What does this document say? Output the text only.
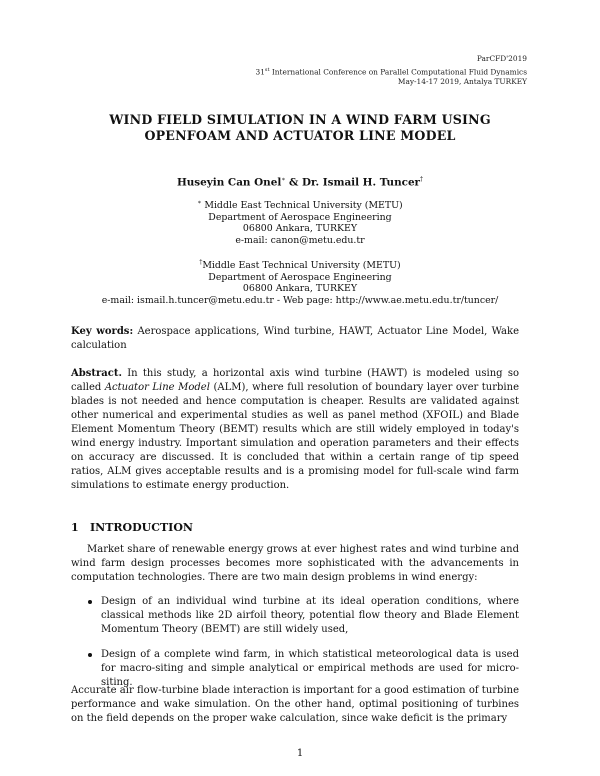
ParCFD'2019
31st International Conference on Parallel Computational Fluid Dynamics
May-14-17 2019, Antalya TURKEY
WIND FIELD SIMULATION IN A WIND FARM USING
OPENFOAM AND ACTUATOR LINE MODEL
Huseyin Can Onel∗ & Dr. Ismail H. Tuncer†
∗ Middle East Technical University (METU)
Department of Aerospace Engineering
06800 Ankara, TURKEY
e-mail: canon@metu.edu.tr
†Middle East Technical University (METU)
Department of Aerospace Engineering
06800 Ankara, TURKEY
e-mail: ismail.h.tuncer@metu.edu.tr - Web page: http://www.ae.metu.edu.tr/tuncer/
Key words: Aerospace applications, Wind turbine, HAWT, Actuator Line Model, Wake calculation
Abstract. In this study, a horizontal axis wind turbine (HAWT) is modeled using so called Actuator Line Model (ALM), where full resolution of boundary layer over turbine blades is not needed and hence computation is cheaper. Results are validated against other numerical and experimental studies as well as panel method (XFOIL) and Blade Element Momentum Theory (BEMT) results which are still widely employed in today's wind energy industry. Important simulation and operation parameters and their effects on accuracy are discussed. It is concluded that within a certain range of tip speed ratios, ALM gives acceptable results and is a promising model for full-scale wind farm simulations to estimate energy production.
1 INTRODUCTION
Market share of renewable energy grows at ever highest rates and wind turbine and wind farm design processes becomes more sophisticated with the advancements in computation technologies. There are two main design problems in wind energy:
Design of an individual wind turbine at its ideal operation conditions, where classical methods like 2D airfoil theory, potential flow theory and Blade Element Momentum Theory (BEMT) are still widely used,
Design of a complete wind farm, in which statistical meteorological data is used for macro-siting and simple analytical or empirical methods are used for micro-siting.
Accurate air flow-turbine blade interaction is important for a good estimation of turbine performance and wake simulation. On the other hand, optimal positioning of turbines on the field depends on the proper wake calculation, since wake deficit is the primary
1
